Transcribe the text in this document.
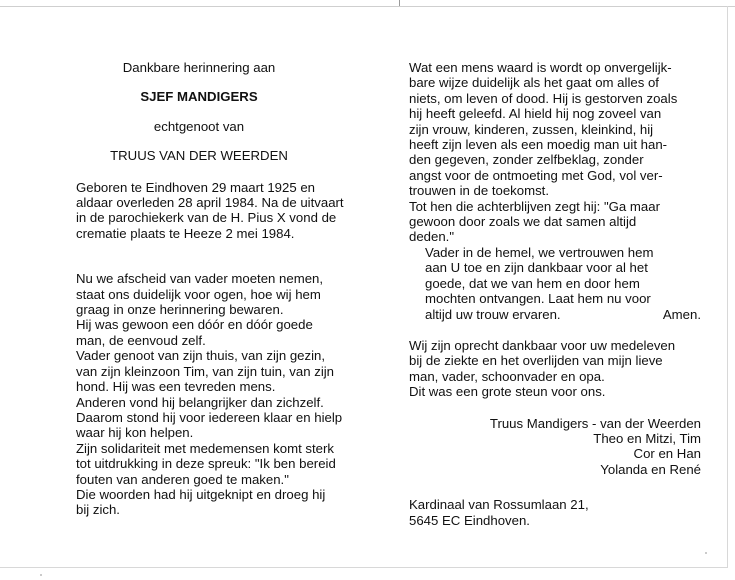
Dankbare herinnering aan
SJEF MANDIGERS
echtgenoot van
TRUUS VAN DER WEERDEN
Geboren te Eindhoven 29 maart 1925 en
aldaar overleden 28 april 1984. Na de uitvaart
in de parochiekerk van de H. Pius X vond de
crematie plaats te Heeze 2 mei 1984.
Nu we afscheid van vader moeten nemen,
staat ons duidelijk voor ogen, hoe wij hem
graag in onze herinnering bewaren.
Hij was gewoon een dóór en dóór goede
man, de eenvoud zelf.
Vader genoot van zijn thuis, van zijn gezin,
van zijn kleinzoon Tim, van zijn tuin, van zijn
hond. Hij was een tevreden mens.
Anderen vond hij belangrijker dan zichzelf.
Daarom stond hij voor iedereen klaar en hielp
waar hij kon helpen.
Zijn solidariteit met medemensen komt sterk
tot uitdrukking in deze spreuk: "Ik ben bereid
fouten van anderen goed te maken."
Die woorden had hij uitgeknipt en droeg hij
bij zich.
Wat een mens waard is wordt op onvergelijk-
bare wijze duidelijk als het gaat om alles of
niets, om leven of dood. Hij is gestorven zoals
hij heeft geleefd. Al hield hij nog zoveel van
zijn vrouw, kinderen, zussen, kleinkind, hij
heeft zijn leven als een moedig man uit han-
den gegeven, zonder zelfbeklag, zonder
angst voor de ontmoeting met God, vol ver-
trouwen in de toekomst.
Tot hen die achterblijven zegt hij: "Ga maar
gewoon door zoals we dat samen altijd
deden."
Vader in de hemel, we vertrouwen hem
aan U toe en zijn dankbaar voor al het
goede, dat we van hem en door hem
mochten ontvangen. Laat hem nu voor
altijd uw trouw ervaren.	Amen.
Wij zijn oprecht dankbaar voor uw medeleven
bij de ziekte en het overlijden van mijn lieve
man, vader, schoonvader en opa.
Dit was een grote steun voor ons.
Truus Mandigers - van der Weerden
Theo en Mitzi, Tim
Cor en Han
Yolanda en René
Kardinaal van Rossumlaan 21,
5645 EC Eindhoven.
